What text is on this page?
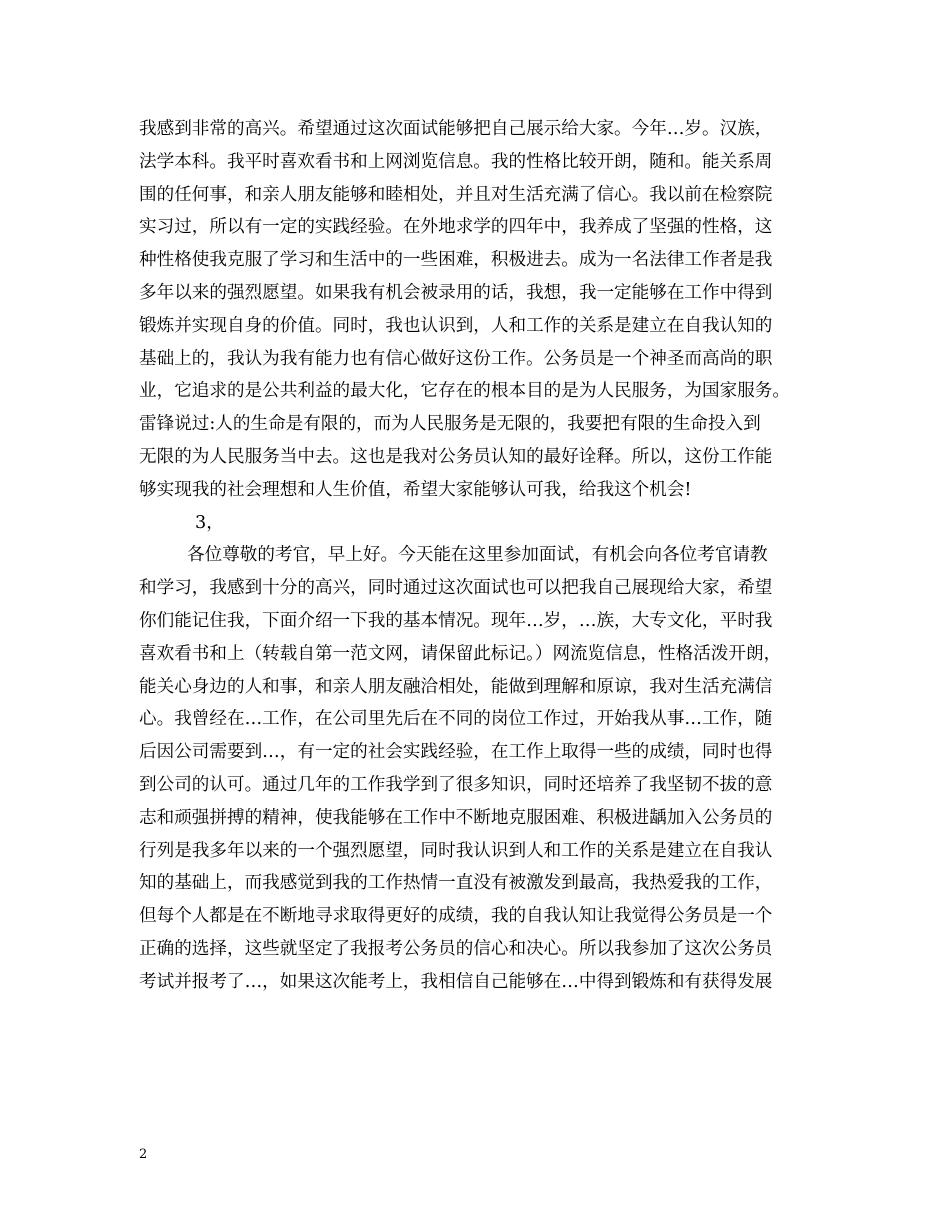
我感到非常的高兴。希望通过这次面试能够把自己展示给大家。今年…岁。汉族，
法学本科。我平时喜欢看书和上网浏览信息。我的性格比较开朗，随和。能关系周
围的任何事，和亲人朋友能够和睦相处，并且对生活充满了信心。我以前在检察院
实习过，所以有一定的实践经验。在外地求学的四年中，我养成了坚强的性格，这
种性格使我克服了学习和生活中的一些困难，积极进去。成为一名法律工作者是我
多年以来的强烈愿望。如果我有机会被录用的话，我想，我一定能够在工作中得到
锻炼并实现自身的价值。同时，我也认识到，人和工作的关系是建立在自我认知的
基础上的，我认为我有能力也有信心做好这份工作。公务员是一个神圣而高尚的职
业，它追求的是公共利益的最大化，它存在的根本目的是为人民服务，为国家服务。
雷锋说过:人的生命是有限的，而为人民服务是无限的，我要把有限的生命投入到
无限的为人民服务当中去。这也是我对公务员认知的最好诠释。所以，这份工作能
够实现我的社会理想和人生价值，希望大家能够认可我，给我这个机会!
3，
各位尊敬的考官，早上好。今天能在这里参加面试，有机会向各位考官请教
和学习，我感到十分的高兴，同时通过这次面试也可以把我自己展现给大家，希望
你们能记住我，下面介绍一下我的基本情况。现年…岁，…族，大专文化，平时我
喜欢看书和上（转载自第一范文网，请保留此标记。）网流览信息，性格活泼开朗，
能关心身边的人和事，和亲人朋友融洽相处，能做到理解和原谅，我对生活充满信
心。我曾经在…工作，在公司里先后在不同的岗位工作过，开始我从事…工作，随
后因公司需要到…，有一定的社会实践经验，在工作上取得一些的成绩，同时也得
到公司的认可。通过几年的工作我学到了很多知识，同时还培养了我坚韧不拔的意
志和顽强拼搏的精神，使我能够在工作中不断地克服困难、积极进龋加入公务员的
行列是我多年以来的一个强烈愿望，同时我认识到人和工作的关系是建立在自我认
知的基础上，而我感觉到我的工作热情一直没有被激发到最高，我热爱我的工作，
但每个人都是在不断地寻求取得更好的成绩，我的自我认知让我觉得公务员是一个
正确的选择，这些就坚定了我报考公务员的信心和决心。所以我参加了这次公务员
考试并报考了…，如果这次能考上，我相信自己能够在…中得到锻炼和有获得发展
2
